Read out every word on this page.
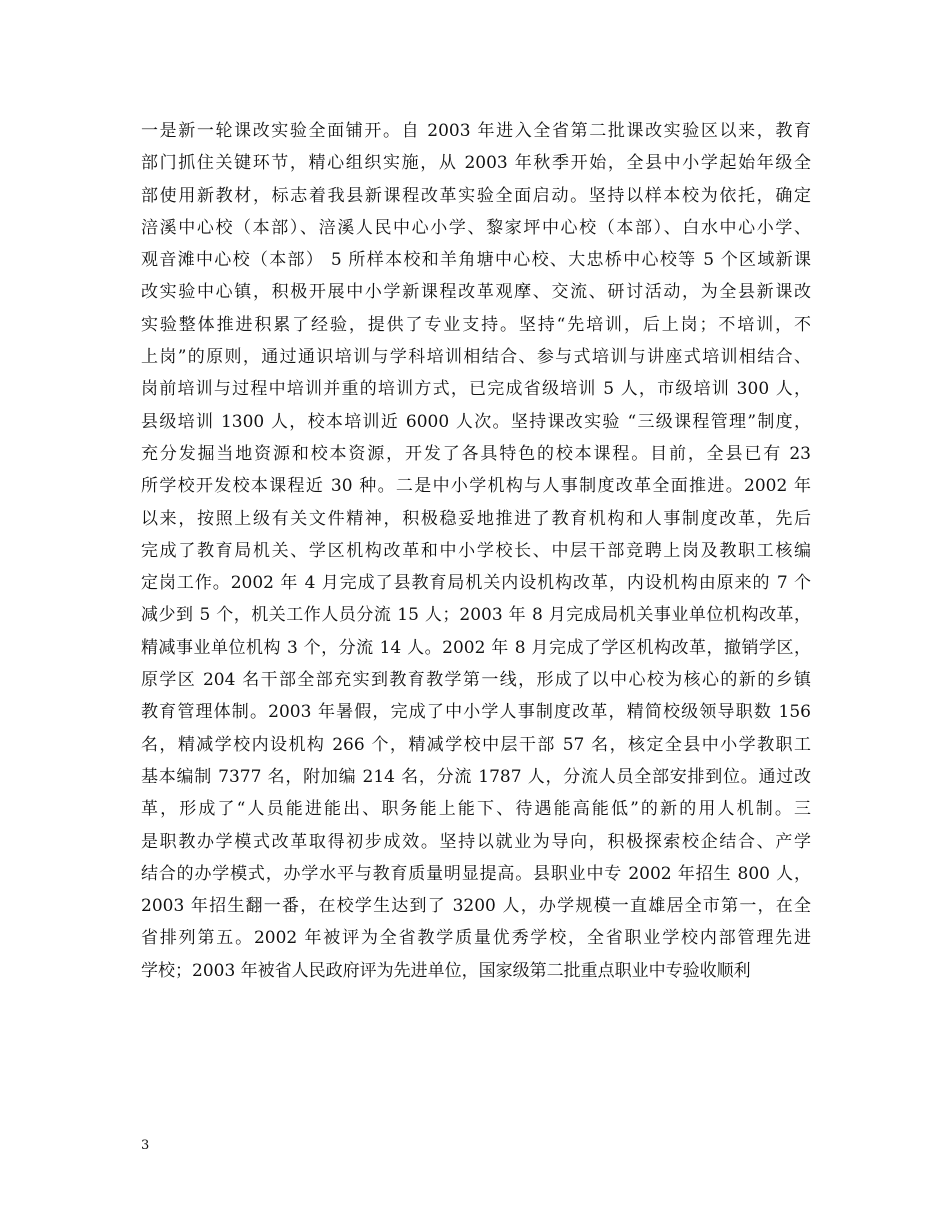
一是新一轮课改实验全面铺开。自 2003 年进入全省第二批课改实验区以来，教育
部门抓住关键环节，精心组织实施，从 2003 年秋季开始，全县中小学起始年级全
部使用新教材，标志着我县新课程改革实验全面启动。坚持以样本校为依托，确定
涪溪中心校（本部）、涪溪人民中心小学、黎家坪中心校（本部）、白水中心小学、
观音滩中心校（本部） 5 所样本校和羊角塘中心校、大忠桥中心校等 5 个区域新课
改实验中心镇，积极开展中小学新课程改革观摩、交流、研讨活动，为全县新课改
实验整体推进积累了经验，提供了专业支持。坚持“先培训，后上岗；不培训，不
上岗”的原则，通过通识培训与学科培训相结合、参与式培训与讲座式培训相结合、
岗前培训与过程中培训并重的培训方式，已完成省级培训 5 人，市级培训 300 人，
县级培训 1300 人，校本培训近 6000 人次。坚持课改实验 “三级课程管理”制度，
充分发掘当地资源和校本资源，开发了各具特色的校本课程。目前，全县已有 23
所学校开发校本课程近 30 种。二是中小学机构与人事制度改革全面推进。2002 年
以来，按照上级有关文件精神，积极稳妥地推进了教育机构和人事制度改革，先后
完成了教育局机关、学区机构改革和中小学校长、中层干部竞聘上岗及教职工核编
定岗工作。2002 年 4 月完成了县教育局机关内设机构改革，内设机构由原来的 7 个
减少到 5 个，机关工作人员分流 15 人；2003 年 8 月完成局机关事业单位机构改革，
精减事业单位机构 3 个，分流 14 人。2002 年 8 月完成了学区机构改革，撤销学区，
原学区 204 名干部全部充实到教育教学第一线，形成了以中心校为核心的新的乡镇
教育管理体制。2003 年暑假，完成了中小学人事制度改革，精简校级领导职数 156
名，精减学校内设机构 266 个，精减学校中层干部 57 名，核定全县中小学教职工
基本编制 7377 名，附加编 214 名，分流 1787 人，分流人员全部安排到位。通过改
革，形成了“人员能进能出、职务能上能下、待遇能高能低”的新的用人机制。三
是职教办学模式改革取得初步成效。坚持以就业为导向，积极探索校企结合、产学
结合的办学模式，办学水平与教育质量明显提高。县职业中专 2002 年招生 800 人，
2003 年招生翻一番，在校学生达到了 3200 人，办学规模一直雄居全市第一，在全
省排列第五。2002 年被评为全省教学质量优秀学校，全省职业学校内部管理先进
学校；2003 年被省人民政府评为先进单位，国家级第二批重点职业中专验收顺利
3
